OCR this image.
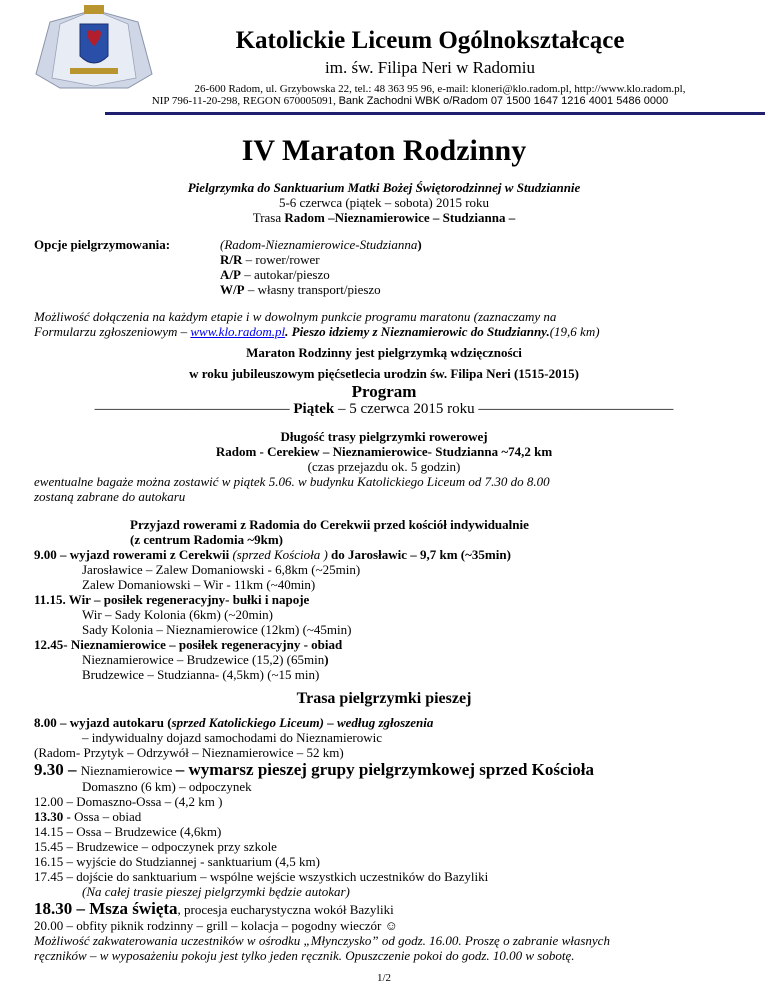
Katolickie Liceum Ogólnokształcące
im. św. Filipa Neri w Radomiu
26-600 Radom, ul. Grzybowska 22, tel.: 48 363 95 96, e-mail: kloneri@klo.radom.pl, http://www.klo.radom.pl,
NIP 796-11-20-298, REGON 670005091, Bank Zachodni WBK o/Radom 07 1500 1647 1216 4001 5486 0000
IV Maraton Rodzinny
Pielgrzymka do Sanktuarium Matki Bożej Świętorodzinnej w Studziannie
5-6 czerwca (piątek – sobota) 2015 roku
Trasa Radom –Nieznamierowice – Studzianna –
Opcje pielgrzymowania:	(Radom-Nieznamierowice-Studzianna)
R/R – rower/rower
A/P – autokar/pieszo
W/P – własny transport/pieszo
Możliwość dołączenia na każdym etapie i w dowolnym punkcie programu maratonu (zaznaczamy na
Formularzu zgłoszeniowym – www.klo.radom.pl. Pieszo idziemy z Nieznamierowic do Studzianny.(19,6 km)
Maraton Rodzinny jest pielgrzymką wdzięczności
w roku jubileuszowym pięćsetlecia urodzin św. Filipa Neri (1515-2015)
Program
————————————— Piątek – 5 czerwca 2015 roku —————————————
Długość trasy pielgrzymki rowerowej
Radom - Cerekiew – Nieznamierowice- Studzianna ~74,2 km
(czas przejazdu ok. 5 godzin)
ewentualne bagaże można zostawić w piątek 5.06. w budynku Katolickiego Liceum od 7.30 do 8.00
zostaną zabrane do autokaru
Przyjazd rowerami z Radomia do Cerekwii przed kościół indywidualnie
(z centrum Radomia ~9km)
9.00 – wyjazd rowerami z Cerekwii (sprzed Kościoła ) do Jarosławic – 9,7 km (~35min)
Jarosławice – Zalew Domaniowski - 6,8km (~25min)
Zalew Domaniowski – Wir - 11km (~40min)
11.15. Wir – posiłek regeneracyjny- bułki i napoje
Wir – Sady Kolonia (6km) (~20min)
Sady Kolonia – Nieznamierowice (12km) (~45min)
12.45- Nieznamierowice – posiłek regeneracyjny - obiad
Nieznamierowice – Brudzewice (15,2) (65min)
Brudzewice – Studzianna- (4,5km) (~15 min)
Trasa pielgrzymki pieszej
8.00 – wyjazd autokaru (sprzed Katolickiego Liceum) – według zgłoszenia
– indywidualny dojazd samochodami do Nieznamierowic
(Radom- Przytyk – Odrzywół – Nieznamierowice – 52 km)
9.30 – Nieznamierowice – wymarsz pieszej grupy pielgrzymkowej sprzed Kościoła
Domaszno (6 km) – odpoczynek
12.00 – Domaszno-Ossa – (4,2 km )
13.30 - Ossa – obiad
14.15 – Ossa – Brudzewice (4,6km)
15.45 – Brudzewice – odpoczynek przy szkole
16.15 – wyjście do Studziannej - sanktuarium (4,5 km)
17.45 – dojście do sanktuarium – wspólne wejście wszystkich uczestników do Bazyliki
(Na całej trasie pieszej pielgrzymki będzie autokar)
18.30 – Msza święta, procesja eucharystyczna wokół Bazyliki
20.00 – obfity piknik rodzinny – grill – kolacja – pogodny wieczór ☺
Możliwość zakwaterowania uczestników w ośrodku „Młynczysko” od godz. 16.00. Proszę o zabranie własnych
ręczników – w wyposażeniu pokoju jest tylko jeden ręcznik. Opuszczenie pokoi do godz. 10.00 w sobotę.
1/2
